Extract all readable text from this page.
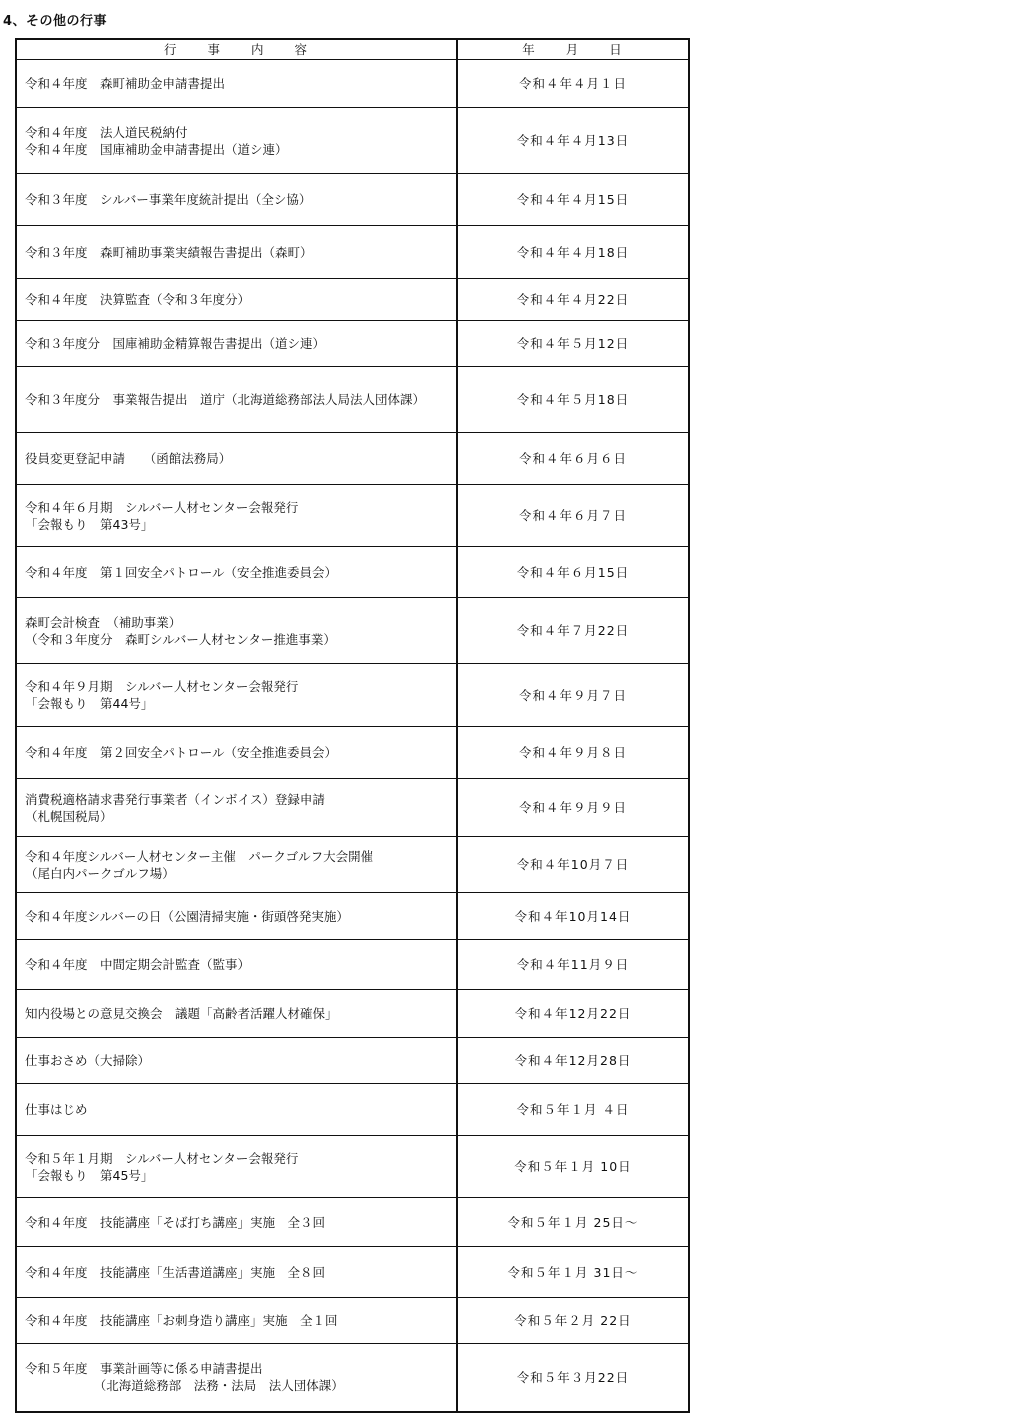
4、その他の行事
行　　事　　内　　容	年　　月　　日
令和４年度　森町補助金申請書提出	令和４年４月１日
令和４年度　法人道民税納付
令和４年度　国庫補助金申請書提出（道シ連）	令和４年４月13日
令和３年度　シルバー事業年度統計提出（全シ協）	令和４年４月15日
令和３年度　森町補助事業実績報告書提出（森町）	令和４年４月18日
令和４年度　決算監査（令和３年度分）	令和４年４月22日
令和３年度分　国庫補助金精算報告書提出（道シ連）	令和４年５月12日
令和３年度分　事業報告提出　道庁（北海道総務部法人局法人団体課）	令和４年５月18日
役員変更登記申請　　（函館法務局）	令和４年６月６日
令和４年６月期　シルバー人材センター会報発行
「会報もり　第43号」	令和４年６月７日
令和４年度　第１回安全パトロール（安全推進委員会）	令和４年６月15日
森町会計検査　（補助事業）
（令和３年度分　森町シルバー人材センター推進事業）	令和４年７月22日
令和４年９月期　シルバー人材センター会報発行
「会報もり　第44号」	令和４年９月７日
令和４年度　第２回安全パトロール（安全推進委員会）	令和４年９月８日
消費税適格請求書発行事業者（インボイス）登録申請
（札幌国税局）	令和４年９月９日
令和４年度シルバー人材センター主催　パークゴルフ大会開催
（尾白内パークゴルフ場）	令和４年10月７日
令和４年度シルバーの日（公園清掃実施・街頭啓発実施）	令和４年10月14日
令和４年度　中間定期会計監査（監事）	令和４年11月９日
知内役場との意見交換会　議題「高齢者活躍人材確保」	令和４年12月22日
仕事おさめ（大掃除）	令和４年12月28日
仕事はじめ	令和５年１月 ４日
令和５年１月期　シルバー人材センター会報発行
「会報もり　第45号」	令和５年１月 10日
令和４年度　技能講座「そば打ち講座」実施　全３回	令和５年１月 25日～
令和４年度　技能講座「生活書道講座」実施　全８回	令和５年１月 31日～
令和４年度　技能講座「お刺身造り講座」実施　全１回	令和５年２月 22日
令和５年度　事業計画等に係る申請書提出
　　　　　　（北海道総務部　法務・法局　法人団体課）	令和５年３月22日
